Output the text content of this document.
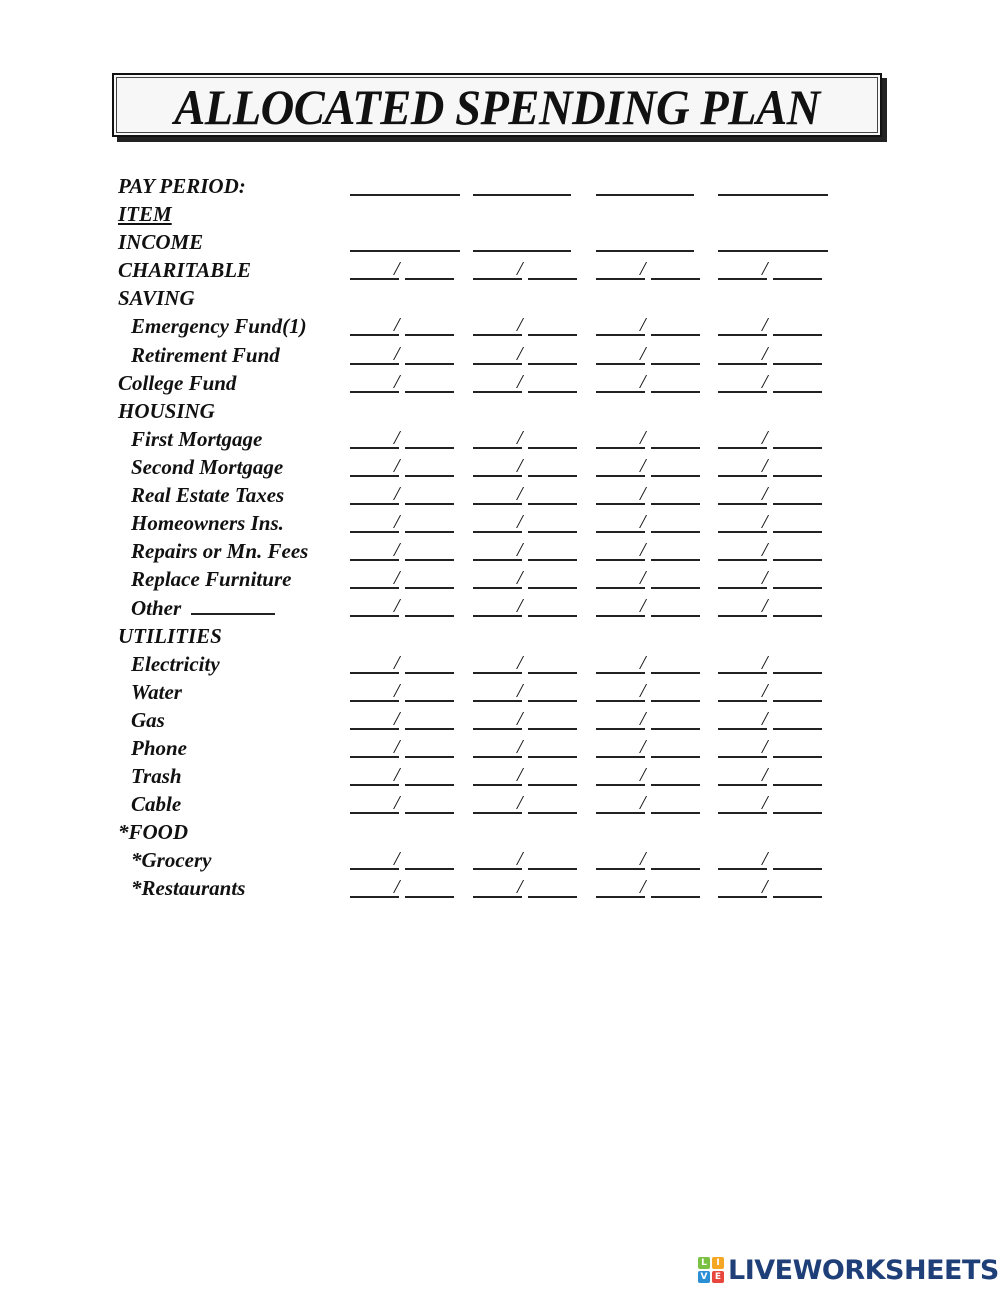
ALLOCATED SPENDING PLAN
PAY PERIOD:
ITEM
INCOME
CHARITABLE	/	/	/	/
SAVING
Emergency Fund(1)	/	/	/	/
Retirement Fund	/	/	/	/
College Fund	/	/	/	/
HOUSING
First Mortgage	/	/	/	/
Second Mortgage	/	/	/	/
Real Estate Taxes	/	/	/	/
Homeowners Ins.	/	/	/	/
Repairs or Mn. Fees	/	/	/	/
Replace Furniture	/	/	/	/
Other	/	/	/	/
UTILITIES
Electricity	/	/	/	/
Water	/	/	/	/
Gas	/	/	/	/
Phone	/	/	/	/
Trash	/	/	/	/
Cable	/	/	/	/
*FOOD
*Grocery	/	/	/	/
*Restaurants	/	/	/	/
L	I
V E LIVEWORKSHEETS
